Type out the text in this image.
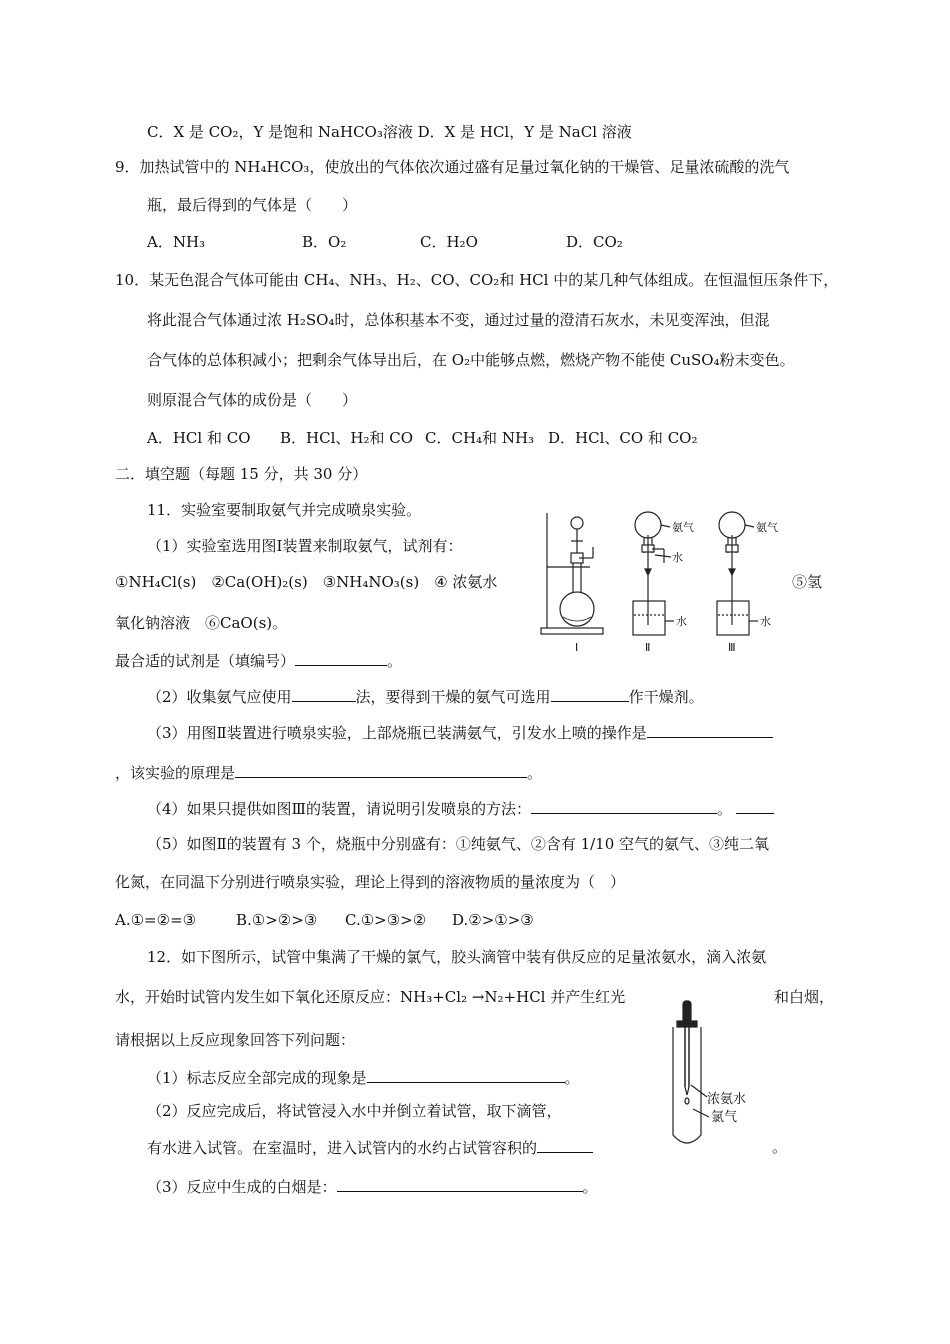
C．X 是 CO₂，Y 是饱和 NaHCO₃溶液 D．X 是 HCl，Y 是 NaCl 溶液
9．加热试管中的 NH₄HCO₃，使放出的气体依次通过盛有足量过氧化钠的干燥管、足量浓硫酸的洗气
瓶，最后得到的气体是（　　）
A．NH₃	B．O₂	C．H₂O	D．CO₂
10．某无色混合气体可能由 CH₄、NH₃、H₂、CO、CO₂和 HCl 中的某几种气体组成。在恒温恒压条件下，
将此混合气体通过浓 H₂SO₄时，总体积基本不变，通过过量的澄清石灰水，未见变浑浊，但混
合气体的总体积减小；把剩余气体导出后，在 O₂中能够点燃，燃烧产物不能使 CuSO₄粉末变色。
则原混合气体的成份是（　　）
A．HCl 和 CO B．HCl、H₂和 CO C．CH₄和 NH₃ D．HCl、CO 和 CO₂
二．填空题（每题 15 分，共 30 分）
11．实验室要制取氨气并完成喷泉实验。
（1）实验室选用图Ⅰ装置来制取氨气，试剂有：
①NH₄Cl(s)　②Ca(OH)₂(s)　③NH₄NO₃(s)　④ 浓氨水	⑤氢
氧化钠溶液　⑥CaO(s)。
最合适的试剂是（填编号）	。
（2）收集氨气应使用	法，要得到干燥的氨气可选用	作干燥剂。
（3）用图Ⅱ装置进行喷泉实验，上部烧瓶已装满氨气，引发水上喷的操作是
，该实验的原理是	。
（4）如果只提供如图Ⅲ的装置，请说明引发喷泉的方法：	。
（5）如图Ⅱ的装置有 3 个，烧瓶中分别盛有：①纯氨气、②含有 1/10 空气的氨气、③纯二氧
化氮，在同温下分别进行喷泉实验，理论上得到的溶液物质的量浓度为（　）
A.①=②=③	B.①>②>③ C.①>③>② D.②>①>③
氨气	氨气
水
水	水
Ⅰ	Ⅱ	Ⅲ
12．如下图所示，试管中集满了干燥的氯气，胶头滴管中装有供反应的足量浓氨水，滴入浓氨
水，开始时试管内发生如下氧化还原反应：NH₃+Cl₂ →N₂+HCl 并产生红光	和白烟，
请根据以上反应现象回答下列问题：
（1）标志反应全部完成的现象是	。
（2）反应完成后，将试管浸入水中并倒立着试管，取下滴管，
有水进入试管。在室温时，进入试管内的水约占试管容积的	。
（3）反应中生成的白烟是：	。
浓氨水
氯气
